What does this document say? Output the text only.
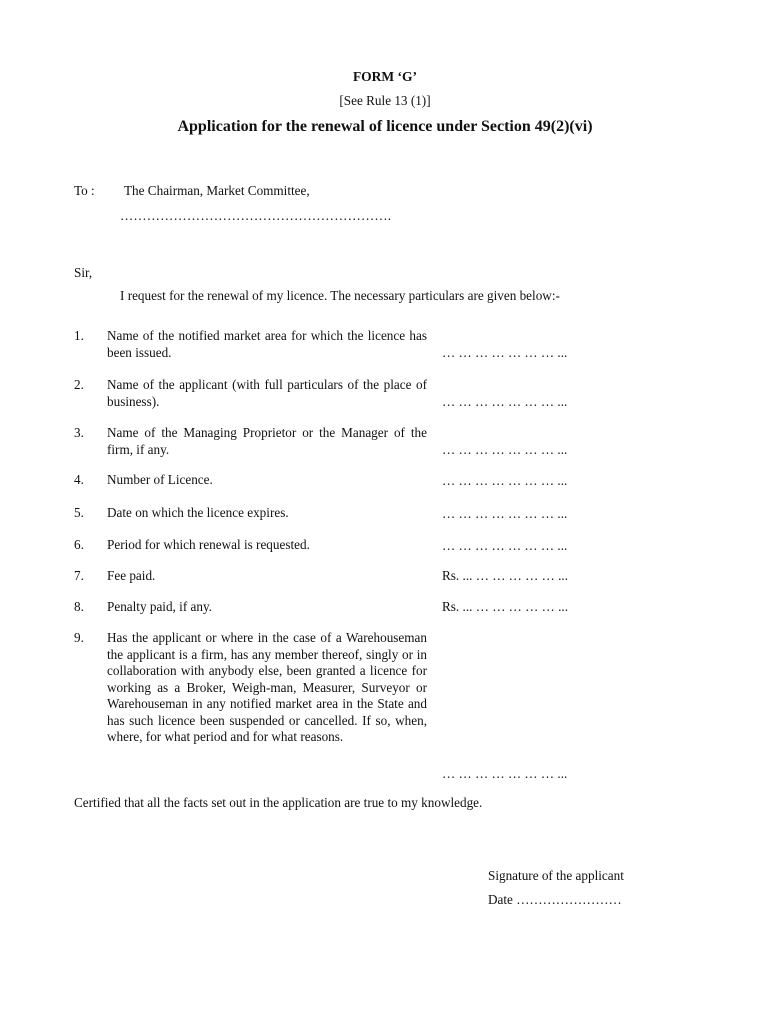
FORM ‘G’
[See Rule 13 (1)]
Application for the renewal of licence under Section 49(2)(vi)
To : The Chairman, Market Committee,
…………………………………………………….
Sir,
I request for the renewal of my licence. The necessary particulars are given below:-
1. Name of the notified market area for which the licence has been issued.	… … … … … … … ...
2. Name of the applicant (with full particulars of the place of business).	… … … … … … … ...
3. Name of the Managing Proprietor or the Manager of the firm, if any.	… … … … … … … ...
4. Number of Licence.	… … … … … … … ...
5. Date on which the licence expires.	… … … … … … … ...
6. Period for which renewal is requested.	… … … … … … … ...
7. Fee paid.	Rs. ... … … … … … ...
8. Penalty paid, if any.	Rs. ... … … … … … ...
9. Has the applicant or where in the case of a Warehouseman the applicant is a firm, has any member thereof, singly or in collaboration with anybody else, been granted a licence for working as a Broker, Weigh-man, Measurer, Surveyor or Warehouseman in any notified market area in the State and has such licence been suspended or cancelled. If so, when, where, for what period and for what reasons.
… … … … … … … ...
Certified that all the facts set out in the application are true to my knowledge.
Signature of the applicant
Date ……………………
